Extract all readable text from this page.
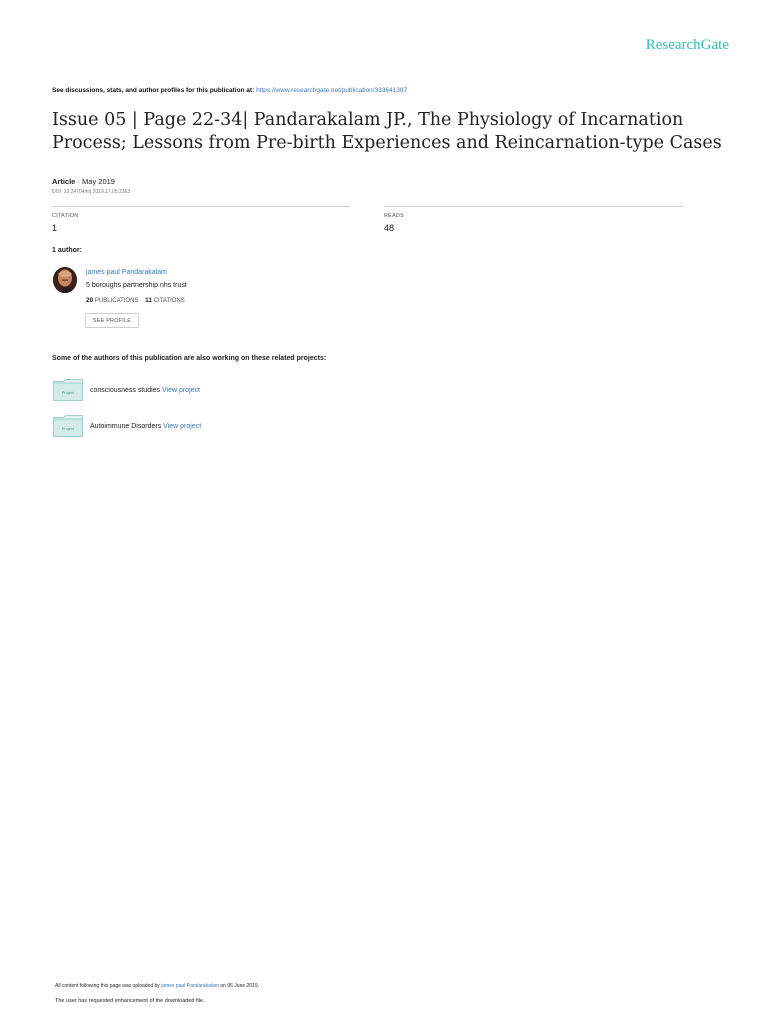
ResearchGate
See discussions, stats, and author profiles for this publication at: https://www.researchgate.net/publication/333641387
Issue 05 | Page 22-34| Pandarakalam JP., The Physiology of Incarnation
Process; Lessons from Pre-birth Experiences and Reincarnation-type Cases
Article · May 2019
DOI: 10.24704/mj.2019.17.05.2363
CITATION
1
READS
48
1 author:
james paul Pandarakalam
5 boroughs partnership nhs trust
20 PUBLICATIONS 11 CITATIONS
SEE PROFILE
Some of the authors of this publication are also working on these related projects:
Project consciousness studies View project
Project Autoimmune Disorders View project
All content following this page was uploaded by james paul Pandarakalam on 06 June 2019.
The user has requested enhancement of the downloaded file.
